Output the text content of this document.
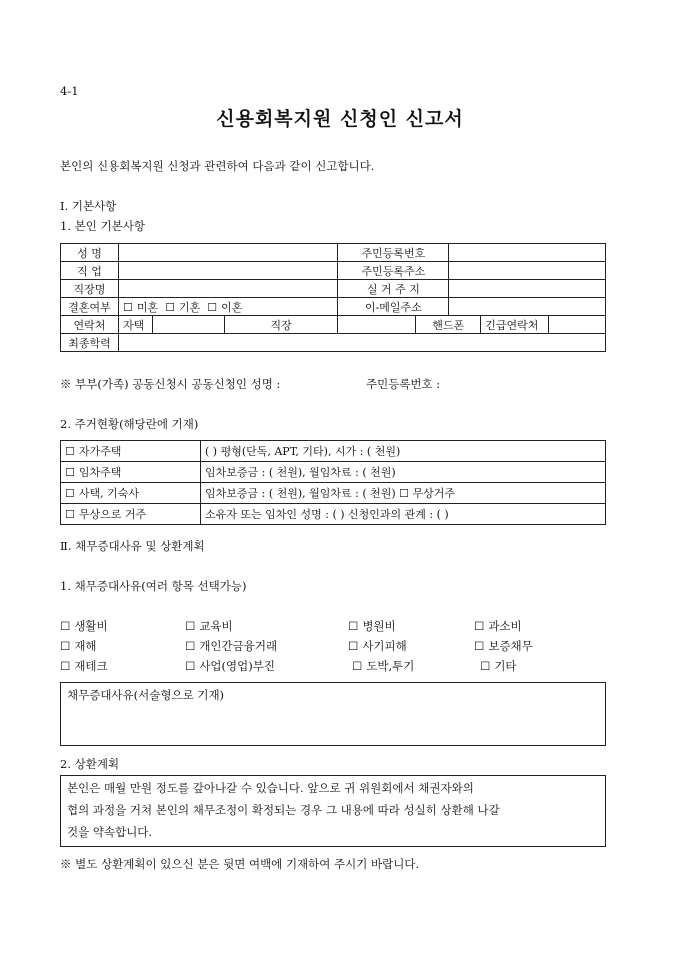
4-1
신용회복지원 신청인 신고서
본인의 신용회복지원 신청과 관련하여 다음과 같이 신고합니다.
Ⅰ. 기본사항
1. 본인 기본사항
성 명				주민등록번호				
직 업				주민등록주소				
직장명				실 거 주 지				
결혼여부	☐ 미혼 ☐ 기혼 ☐ 이혼			이-메일주소				
연락처	자택		직장		핸드폰		긴급연락처	
최종학력								
※ 부부(가족) 공동신청시 공동신청인 성명 :	주민등록번호 :
2. 주거현황(해당란에 기재)
☐ 자가주택	( ) 평형(단독, APT, 기타), 시가 : ( 천원)
☐ 임차주택	임차보증금 : ( 천원), 월임차료 : ( 천원)
☐ 사택, 기숙사	임차보증금 : ( 천원), 월임차료 : ( 천원) ☐ 무상거주
☐ 무상으로 거주	소유자 또는 임차인 성명 : ( ) 신청인과의 관계 : ( )
Ⅱ. 채무증대사유 및 상환계획
1. 채무증대사유(여러 항목 선택가능)
☐ 생활비	☐ 교육비	☐ 병원비	☐ 과소비
☐ 재해	☐ 개인간금융거래	☐ 사기피해	☐ 보증채무
☐ 재테크	☐ 사업(영업)부진	☐ 도박,투기	☐ 기타
채무증대사유(서술형으로 기재)
2. 상환계획
본인은 매월 만원 정도를 갚아나갈 수 있습니다. 앞으로 귀 위원회에서 채권자와의
협의 과정을 거쳐 본인의 채무조정이 확정되는 경우 그 내용에 따라 성실히 상환해 나갈
것을 약속합니다.
※ 별도 상환계획이 있으신 분은 뒷면 여백에 기재하여 주시기 바랍니다.
